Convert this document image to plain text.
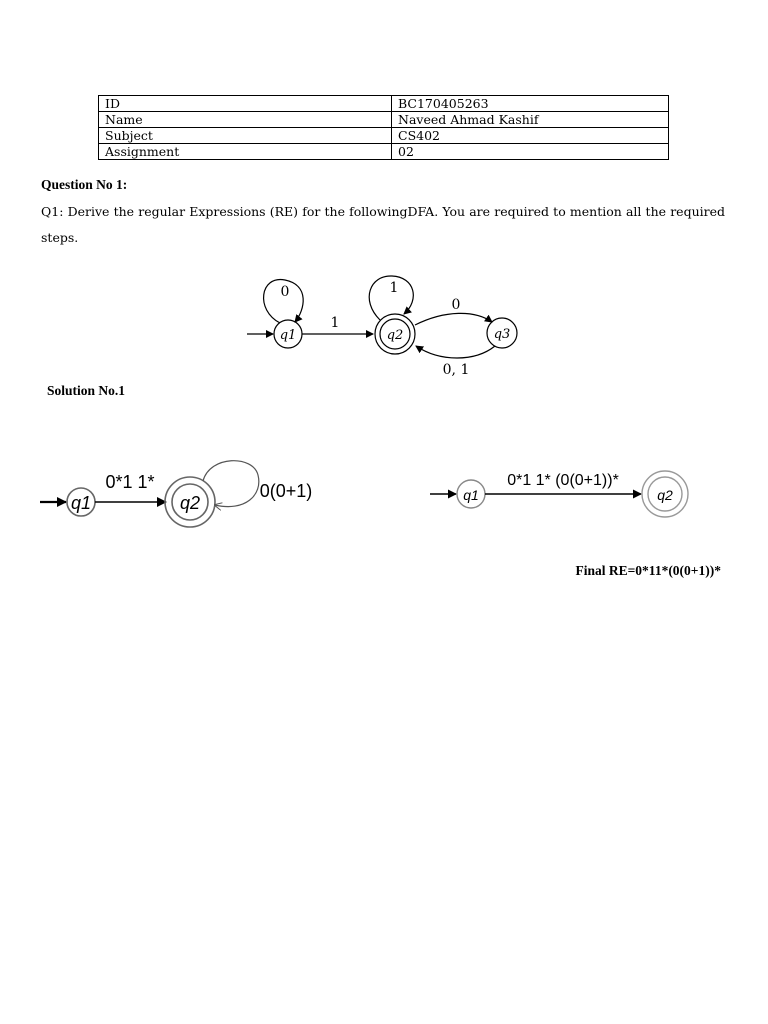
ID	BC170405263
Name	Naveed Ahmad Kashif
Subject	CS402
Assignment	02
Question No 1:
Q1: Derive the regular Expressions (RE) for the followingDFA. You are required to mention all the required steps.
q1
0
1
q2
1
0
q3
0, 1
Solution No.1
q1
0*1 1*
q2
0(0+1)	q1
0*1 1* (0(0+1))*
q2
Final RE=0*11*(0(0+1))*
